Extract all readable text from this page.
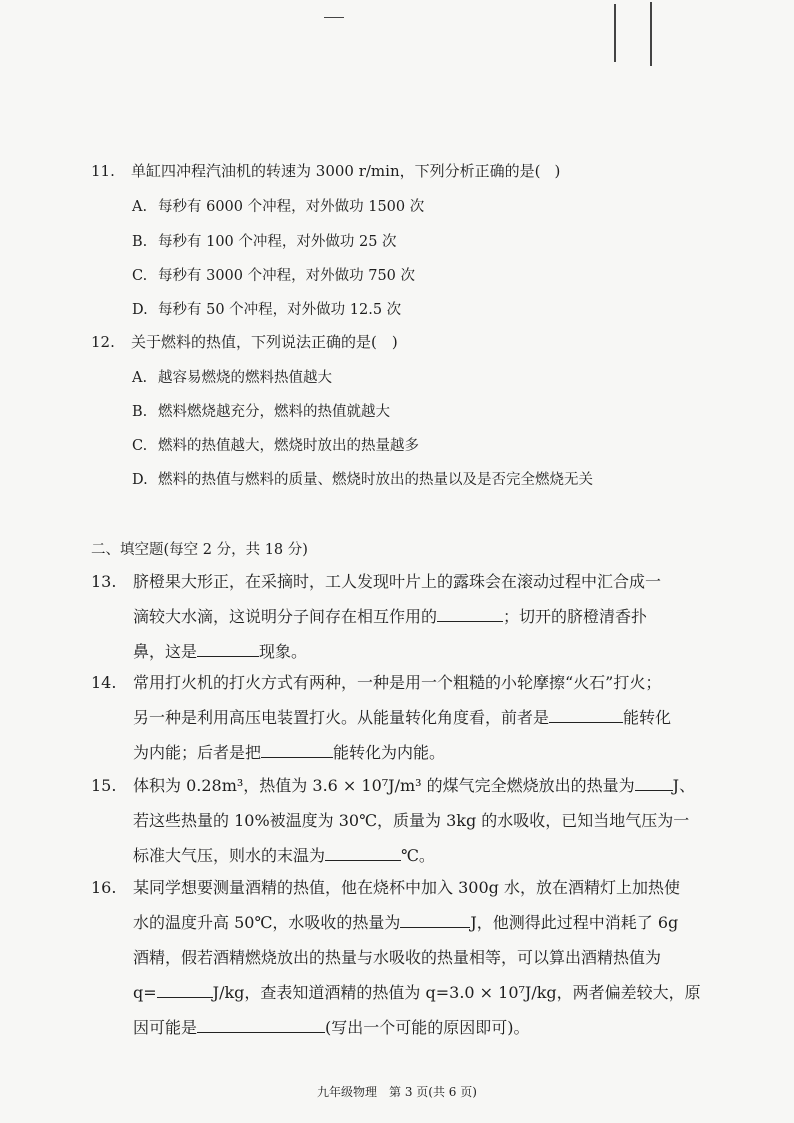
11. 单缸四冲程汽油机的转速为 3000 r/min，下列分析正确的是( )
A. 每秒有 6000 个冲程，对外做功 1500 次
B. 每秒有 100 个冲程，对外做功 25 次
C. 每秒有 3000 个冲程，对外做功 750 次
D. 每秒有 50 个冲程，对外做功 12.5 次
12. 关于燃料的热值，下列说法正确的是(　)
A. 越容易燃烧的燃料热值越大
B. 燃料燃烧越充分，燃料的热值就越大
C. 燃料的热值越大，燃烧时放出的热量越多
D. 燃料的热值与燃料的质量、燃烧时放出的热量以及是否完全燃烧无关
二、填空题(每空 2 分，共 18 分)
13. 脐橙果大形正，在采摘时，工人发现叶片上的露珠会在滚动过程中汇合成一
滴较大水滴，这说明分子间存在相互作用的	；切开的脐橙清香扑
鼻，这是	现象。
14. 常用打火机的打火方式有两种，一种是用一个粗糙的小轮摩擦“火石”打火；
另一种是利用高压电装置打火。从能量转化角度看，前者是	能转化
为内能；后者是把	能转化为内能。
15. 体积为 0.28m³，热值为 3.6 × 10⁷J/m³ 的煤气完全燃烧放出的热量为 J、
若这些热量的 10%被温度为 30℃，质量为 3kg 的水吸收，已知当地气压为一
标准大气压，则水的末温为	℃。
16. 某同学想要测量酒精的热值，他在烧杯中加入 300g 水，放在酒精灯上加热使
水的温度升高 50℃，水吸收的热量为	J，他测得此过程中消耗了 6g
酒精，假若酒精燃烧放出的热量与水吸收的热量相等，可以算出酒精热值为
q=	J/kg，查表知道酒精的热值为 q=3.0 × 10⁷J/kg，两者偏差较大，原
因可能是	(写出一个可能的原因即可)。
九年级物理　第 3 页(共 6 页)
